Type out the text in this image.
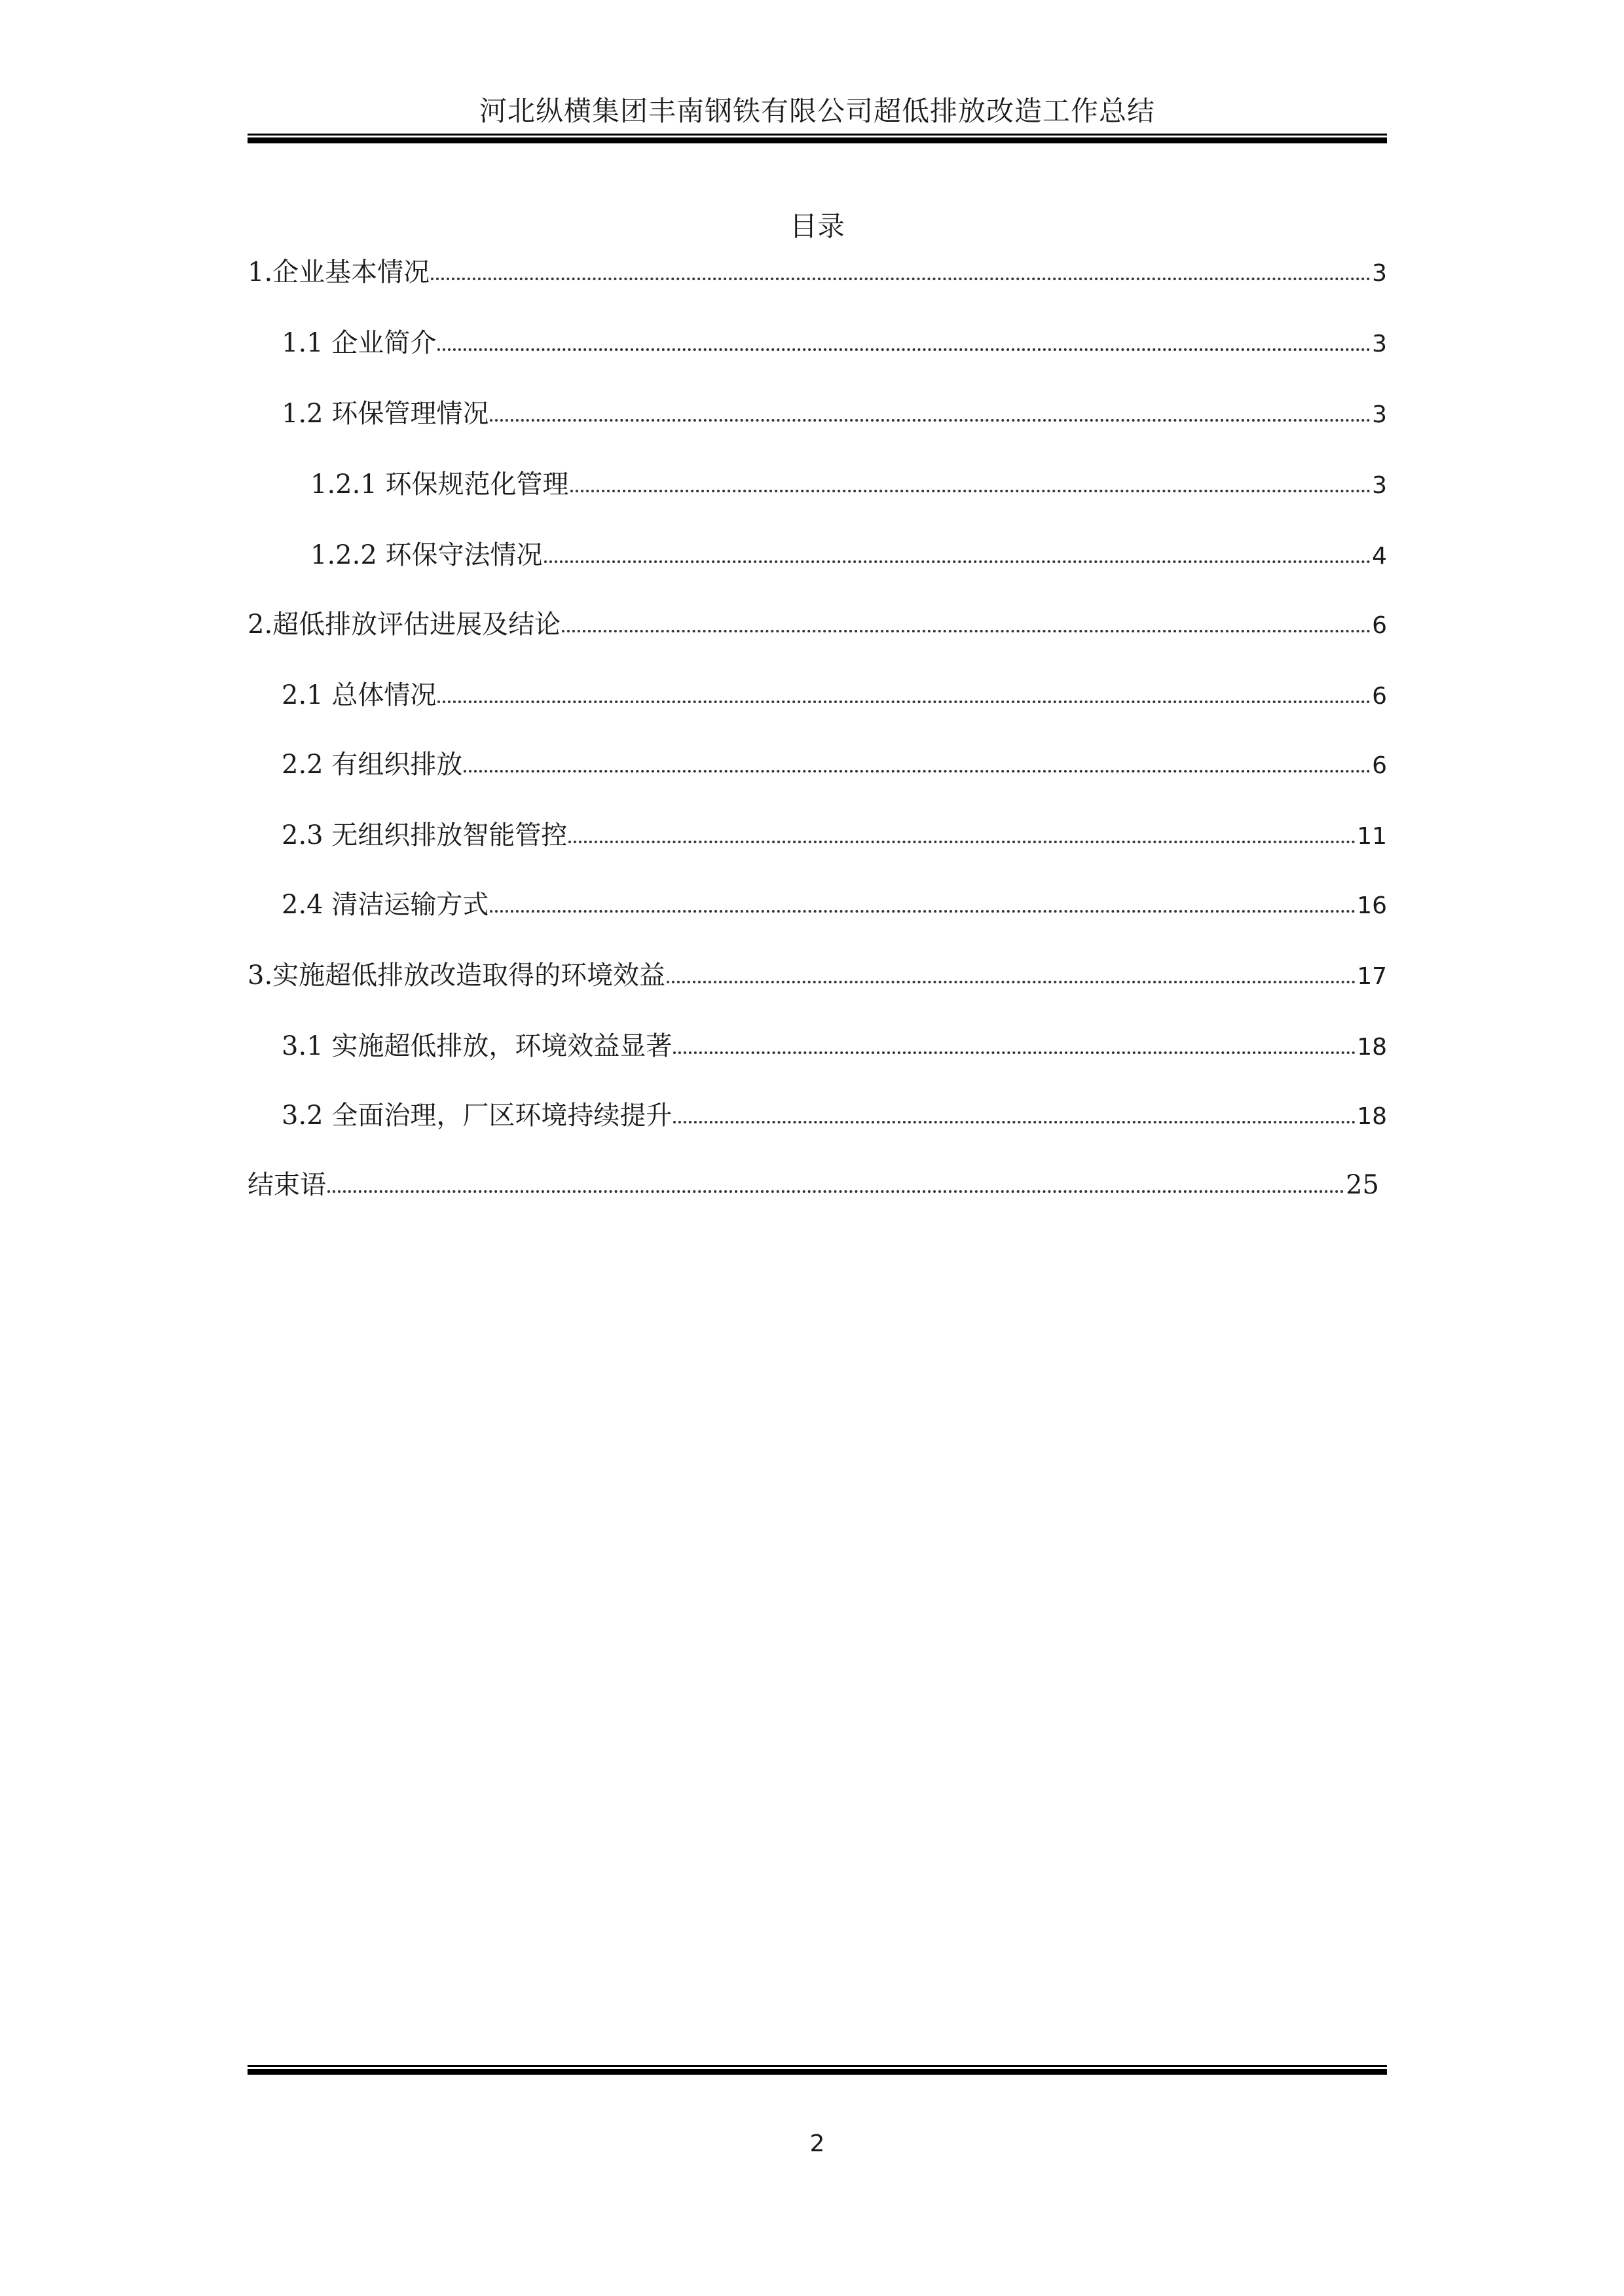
河北纵横集团丰南钢铁有限公司超低排放改造工作总结
目录
1.企业基本情况	3
1.1 企业简介	3
1.2 环保管理情况	3
1.2.1 环保规范化管理	3
1.2.2 环保守法情况	4
2.超低排放评估进展及结论	6
2.1 总体情况	6
2.2 有组织排放	6
2.3 无组织排放智能管控	11
2.4 清洁运输方式	16
3.实施超低排放改造取得的环境效益	17
3.1 实施超低排放，环境效益显著	18
3.2 全面治理，厂区环境持续提升	18
结束语	25
2
